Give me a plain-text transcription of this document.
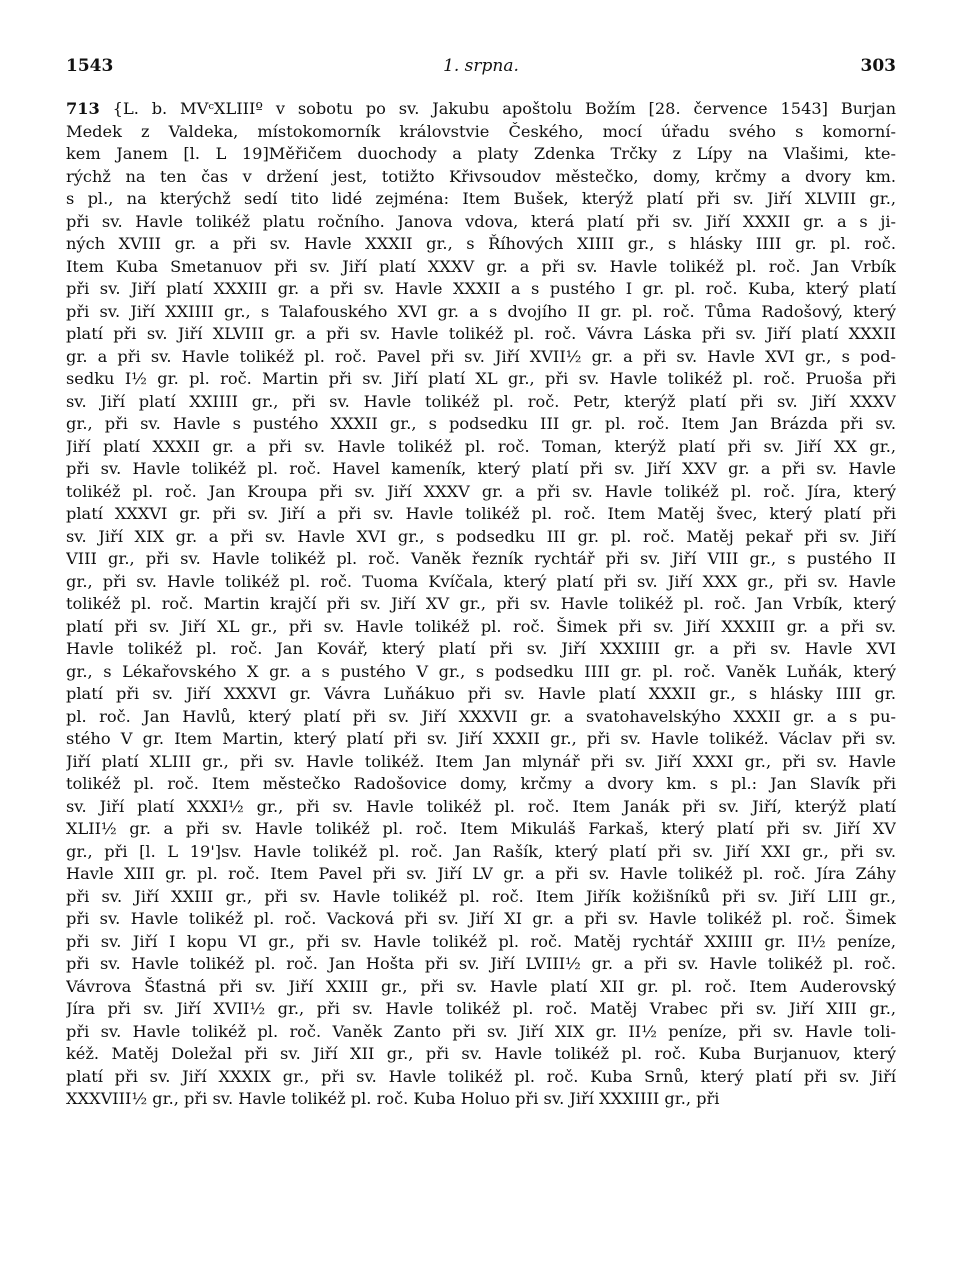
1543	1. srpna.	303
713 {L. b. MVᶜXLIIIº v sobotu po sv. Jakubu apoštolu Božím [28. července 1543] Burjan
Medek z Valdeka, místokomorník královstvie Českého, mocí úřadu svého s komorní-
kem Janem [l. L 19]Měřičem duochody a platy Zdenka Trčky z Lípy na Vlašimi, kte-
rýchž na ten čas v držení jest, totižto Křivsoudov městečko, domy, krčmy a dvory km.
s pl., na kterýchž sedí tito lidé zejména: Item Bušek, kterýž platí při sv. Jiří XLVIII gr.,
při sv. Havle tolikéž platu ročního. Janova vdova, která platí při sv. Jiří XXXII gr. a s ji-
ných XVIII gr. a při sv. Havle XXXII gr., s Říhových XIIII gr., s hlásky IIII gr. pl. roč.
Item Kuba Smetanuov při sv. Jiří platí XXXV gr. a při sv. Havle tolikéž pl. roč. Jan Vrbík
při sv. Jiří platí XXXIII gr. a při sv. Havle XXXII a s pustého I gr. pl. roč. Kuba, který platí
při sv. Jiří XXIIII gr., s Talafouského XVI gr. a s dvojího II gr. pl. roč. Tůma Radošový, který
platí při sv. Jiří XLVIII gr. a při sv. Havle tolikéž pl. roč. Vávra Láska při sv. Jiří platí XXXII
gr. a při sv. Havle tolikéž pl. roč. Pavel při sv. Jiří XVII½ gr. a při sv. Havle XVI gr., s pod-
sedku I½ gr. pl. roč. Martin při sv. Jiří platí XL gr., při sv. Havle tolikéž pl. roč. Pruoša při
sv. Jiří platí XXIIII gr., při sv. Havle tolikéž pl. roč. Petr, kterýž platí při sv. Jiří XXXV
gr., při sv. Havle s pustého XXXII gr., s podsedku III gr. pl. roč. Item Jan Brázda při sv.
Jiří platí XXXII gr. a při sv. Havle tolikéž pl. roč. Toman, kterýž platí při sv. Jiří XX gr.,
při sv. Havle tolikéž pl. roč. Havel kameník, který platí při sv. Jiří XXV gr. a při sv. Havle
tolikéž pl. roč. Jan Kroupa při sv. Jiří XXXV gr. a při sv. Havle tolikéž pl. roč. Jíra, který
platí XXXVI gr. při sv. Jiří a při sv. Havle tolikéž pl. roč. Item Matěj švec, který platí při
sv. Jiří XIX gr. a při sv. Havle XVI gr., s podsedku III gr. pl. roč. Matěj pekař při sv. Jiří
VIII gr., při sv. Havle tolikéž pl. roč. Vaněk řezník rychtář při sv. Jiří VIII gr., s pustého II
gr., při sv. Havle tolikéž pl. roč. Tuoma Kvíčala, který platí při sv. Jiří XXX gr., při sv. Havle
tolikéž pl. roč. Martin krajčí při sv. Jiří XV gr., při sv. Havle tolikéž pl. roč. Jan Vrbík, který
platí při sv. Jiří XL gr., při sv. Havle tolikéž pl. roč. Šimek při sv. Jiří XXXIII gr. a při sv.
Havle tolikéž pl. roč. Jan Kovář, který platí při sv. Jiří XXXIIII gr. a při sv. Havle XVI
gr., s Lékařovského X gr. a s pustého V gr., s podsedku IIII gr. pl. roč. Vaněk Luňák, který
platí při sv. Jiří XXXVI gr. Vávra Luňákuo při sv. Havle platí XXXII gr., s hlásky IIII gr.
pl. roč. Jan Havlů, který platí při sv. Jiří XXXVII gr. a svatohavelskýho XXXII gr. a s pu-
stého V gr. Item Martin, který platí při sv. Jiří XXXII gr., při sv. Havle tolikéž. Václav při sv.
Jiří platí XLIII gr., při sv. Havle tolikéž. Item Jan mlynář při sv. Jiří XXXI gr., při sv. Havle
tolikéž pl. roč. Item městečko Radošovice domy, krčmy a dvory km. s pl.: Jan Slavík při
sv. Jiří platí XXXI½ gr., při sv. Havle tolikéž pl. roč. Item Janák při sv. Jiří, kterýž platí
XLII½ gr. a při sv. Havle tolikéž pl. roč. Item Mikuláš Farkaš, který platí při sv. Jiří XV
gr., při [l. L 19']sv. Havle tolikéž pl. roč. Jan Rašík, který platí při sv. Jiří XXI gr., při sv.
Havle XIII gr. pl. roč. Item Pavel při sv. Jiří LV gr. a při sv. Havle tolikéž pl. roč. Jíra Záhy
při sv. Jiří XXIII gr., při sv. Havle tolikéž pl. roč. Item Jiřík kožišníků při sv. Jiří LIII gr.,
při sv. Havle tolikéž pl. roč. Vacková při sv. Jiří XI gr. a při sv. Havle tolikéž pl. roč. Šimek
při sv. Jiří I kopu VI gr., při sv. Havle tolikéž pl. roč. Matěj rychtář XXIIII gr. II½ peníze,
při sv. Havle tolikéž pl. roč. Jan Hošta při sv. Jiří LVIII½ gr. a při sv. Havle tolikéž pl. roč.
Vávrova Šťastná při sv. Jiří XXIII gr., při sv. Havle platí XII gr. pl. roč. Item Auderovský
Jíra při sv. Jiří XVII½ gr., při sv. Havle tolikéž pl. roč. Matěj Vrabec při sv. Jiří XIII gr.,
při sv. Havle tolikéž pl. roč. Vaněk Zanto při sv. Jiří XIX gr. II½ peníze, při sv. Havle toli-
kéž. Matěj Doležal při sv. Jiří XII gr., při sv. Havle tolikéž pl. roč. Kuba Burjanuov, který
platí při sv. Jiří XXXIX gr., při sv. Havle tolikéž pl. roč. Kuba Srnů, který platí při sv. Jiří
XXXVIII½ gr., při sv. Havle tolikéž pl. roč. Kuba Holuo při sv. Jiří XXXIIII gr., při
